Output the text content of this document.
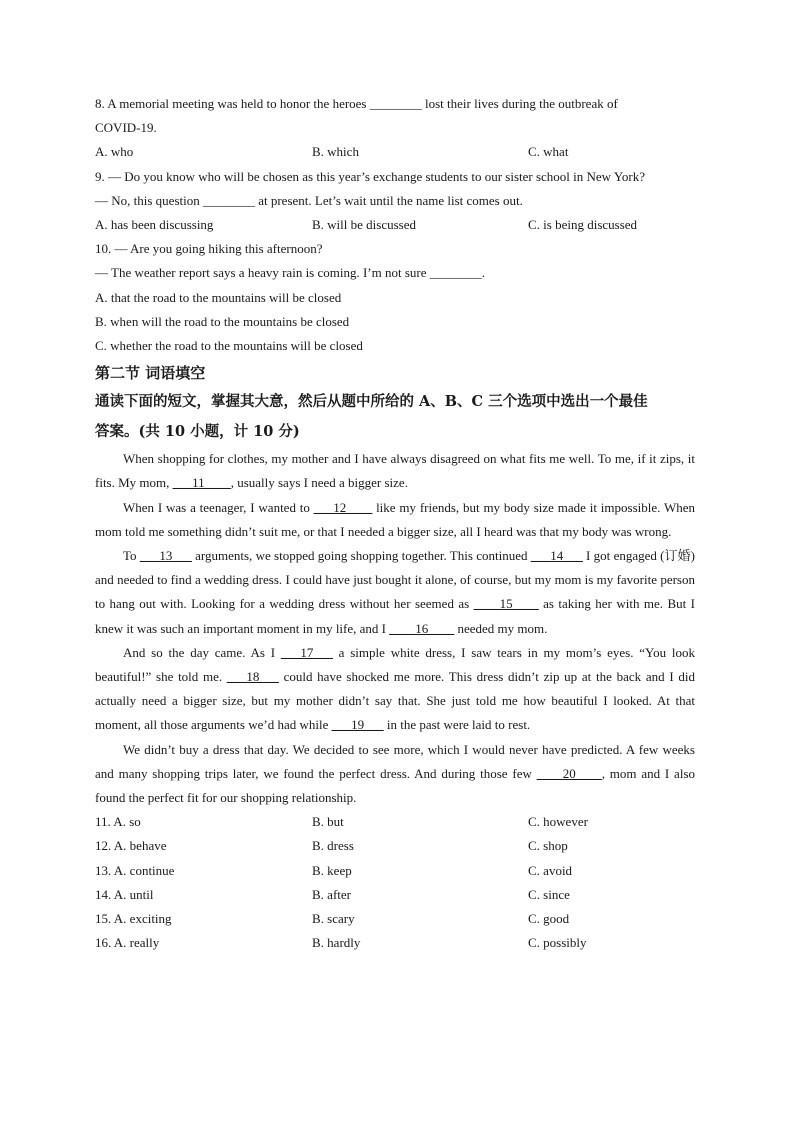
8. A memorial meeting was held to honor the heroes ________ lost their lives during the outbreak of
COVID-19.
A. who	B. which	C. what
9. — Do you know who will be chosen as this year’s exchange students to our sister school in New York?
— No, this question ________ at present. Let’s wait until the name list comes out.
A. has been discussing	B. will be discussed	C. is being discussed
10. — Are you going hiking this afternoon?
— The weather report says a heavy rain is coming. I’m not sure ________.
A. that the road to the mountains will be closed
B. when will the road to the mountains be closed
C. whether the road to the mountains will be closed
第二节 词语填空
通读下面的短文，掌握其大意，然后从题中所给的 A、B、C 三个选项中选出一个最佳
答案。(共 10 小题，计 10 分)
When shopping for clothes, my mother and I have always disagreed on what fits me well. To me, if it zips, it fits. My mom, ___11____, usually says I need a bigger size.
When I was a teenager, I wanted to ___12____ like my friends, but my body size made it impossible. When mom told me something didn’t suit me, or that I needed a bigger size, all I heard was that my body was wrong.
To ___13___ arguments, we stopped going shopping together. This continued ___14___ I got engaged (订婚) and needed to find a wedding dress. I could have just bought it alone, of course, but my mom is my favorite person to hang out with. Looking for a wedding dress without her seemed as ____15____ as taking her with me. But I knew it was such an important moment in my life, and I ____16____ needed my mom.
And so the day came. As I ___17___ a simple white dress, I saw tears in my mom’s eyes. “You look beautiful!” she told me. ___18___ could have shocked me more. This dress didn’t zip up at the back and I did actually need a bigger size, but my mother didn’t say that. She just told me how beautiful I looked. At that moment, all those arguments we’d had while ___19___ in the past were laid to rest.
We didn’t buy a dress that day. We decided to see more, which I would never have predicted. A few weeks and many shopping trips later, we found the perfect dress. And during those few ____20____, mom and I also found the perfect fit for our shopping relationship.
11. A. so	B. but	C. however
12. A. behave	B. dress	C. shop
13. A. continue	B. keep	C. avoid
14. A. until	B. after	C. since
15. A. exciting	B. scary	C. good
16. A. really	B. hardly	C. possibly
